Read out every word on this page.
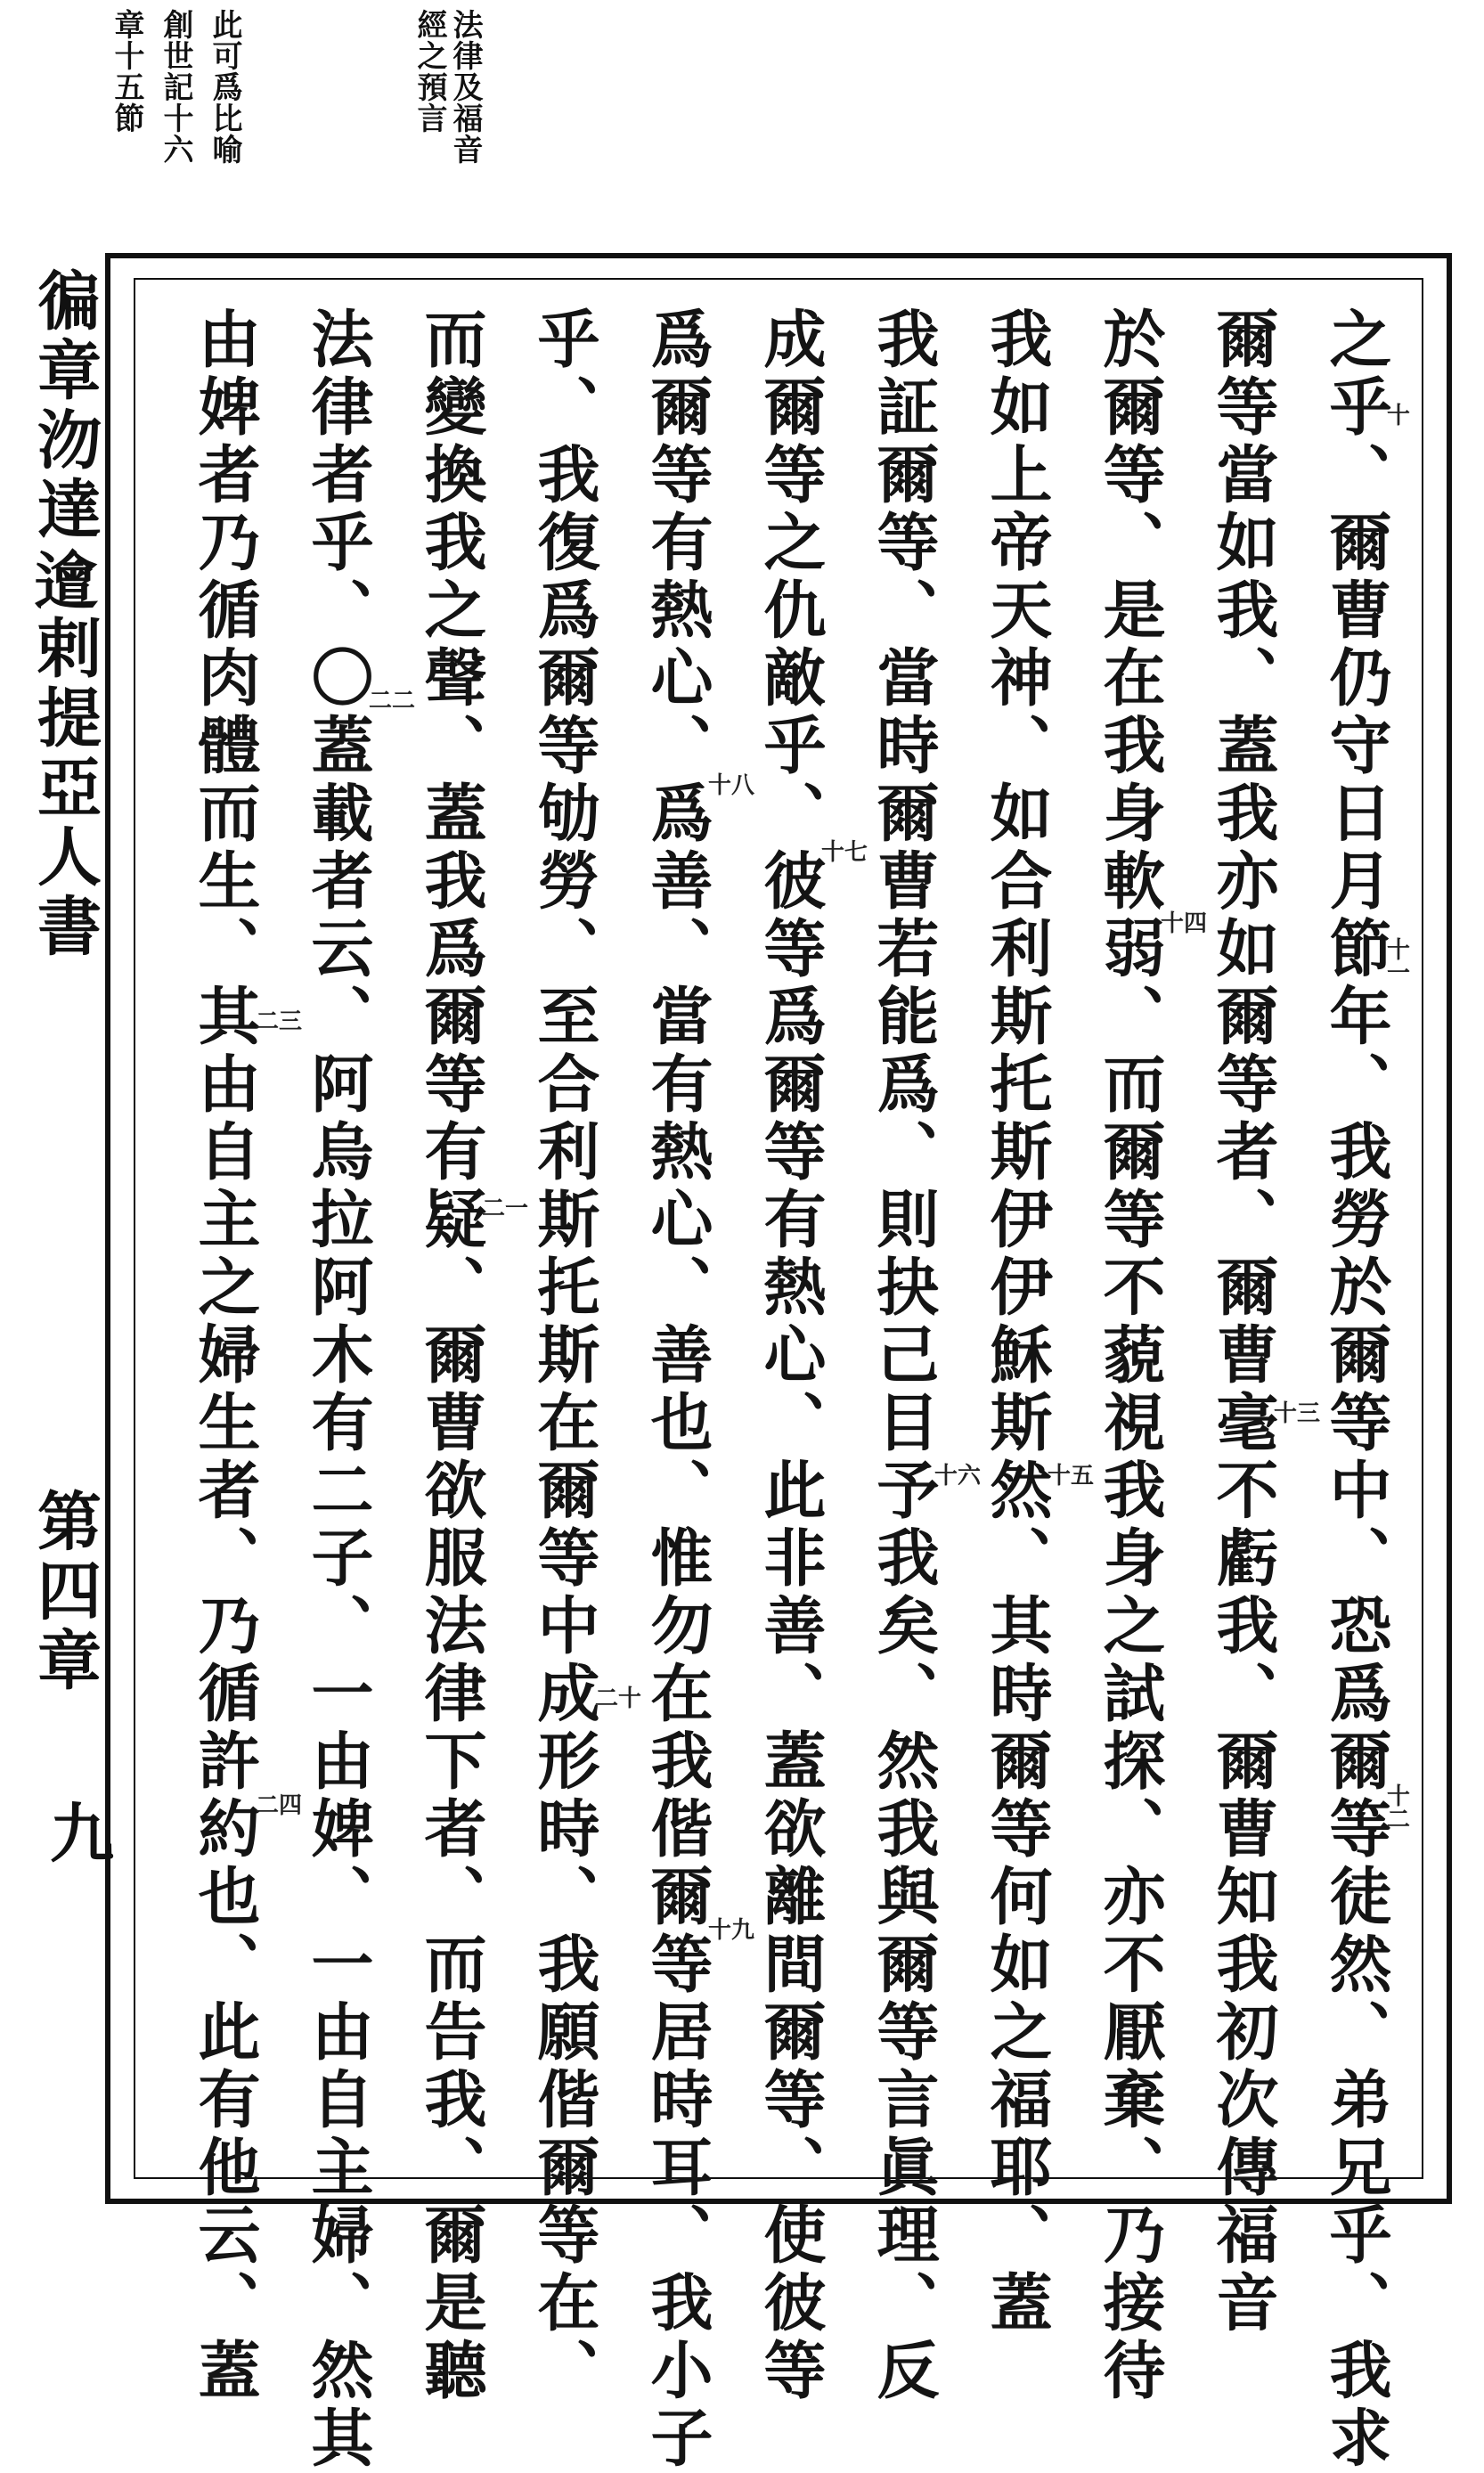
法律及福音
經之預言
此可爲比喻
創世記十六
章十五節
徧章沕達𨗥剌提亞人書
第四章
九	之乎、爾曹仍守日月節年、我勞於爾等中、恐爲爾等徒然、弟兄乎、我求
爾等當如我、蓋我亦如爾等者、爾曹毫不虧我、爾曹知我初次傳福音
於爾等、是在我身軟弱、而爾等不藐視我身之試探、亦不厭棄、乃接待
我如上帝天神、如合利斯托斯伊伊穌斯然、其時爾等何如之福耶、蓋
我証爾等、當時爾曹若能爲、則抉己目予我矣、然我與爾等言眞理、反
成爾等之仇敵乎、彼等爲爾等有熱心、此非善、蓋欲離間爾等、使彼等
爲爾等有熱心、爲善、當有熱心、善也、惟勿在我偕爾等居時耳、我小子
乎、我復爲爾等劬勞、至合利斯托斯在爾等中成形時、我願偕爾等在、
而變換我之聲、蓋我爲爾等有疑、爾曹欲服法律下者、而告我、爾是聽
法律者乎、〇蓋載者云、阿烏拉阿木有二子、一由婢、一由自主婦、然其
由婢者乃循肉體而生、其由自主之婦生者、乃循許約也、此有他云、蓋	十
十一
十二
十三
十四
十五
十六
十七
十八
十九
二十
二一
二二
二三
二四
